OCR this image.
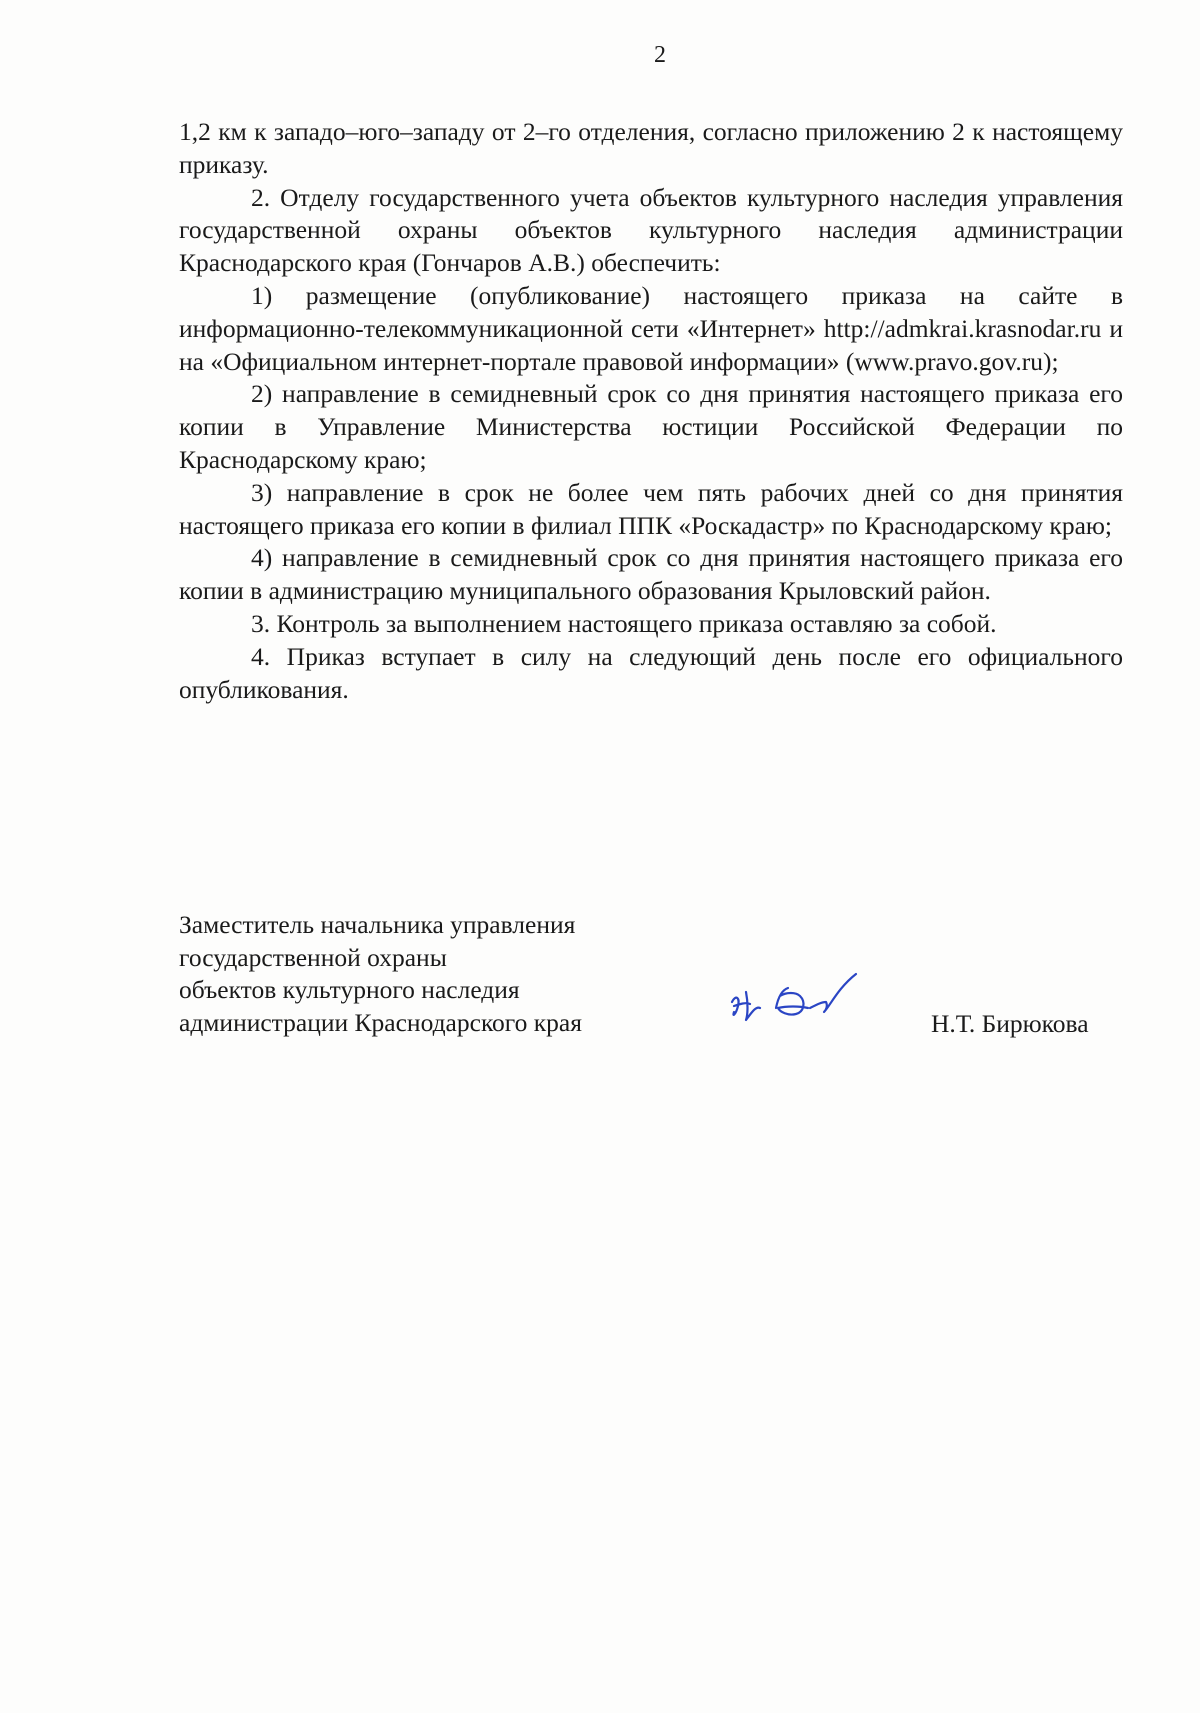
2

1,2 км к западо–юго–западу от 2–го отделения, согласно приложению 2 к настоящему приказу.

2. Отделу государственного учета объектов культурного наследия управления государственной охраны объектов культурного наследия администрации Краснодарского края (Гончаров А.В.) обеспечить:

1) размещение (опубликование) настоящего приказа на сайте в информационно-телекоммуникационной сети «Интернет» http://admkrai.krasnodar.ru и на «Официальном интернет-портале правовой информации» (www.pravo.gov.ru);

2) направление в семидневный срок со дня принятия настоящего приказа его копии в Управление Министерства юстиции Российской Федерации по Краснодарскому краю;

3) направление в срок не более чем пять рабочих дней со дня принятия настоящего приказа его копии в филиал ППК «Роскадастр» по Краснодарскому краю;

4) направление в семидневный срок со дня принятия настоящего приказа его копии в администрацию муниципального образования Крыловский район.

3. Контроль за выполнением настоящего приказа оставляю за собой.

4. Приказ вступает в силу на следующий день после его официального опубликования.

Заместитель начальника управления
государственной охраны
объектов культурного наследия
администрации Краснодарского края	Н.Т. Бирюкова
